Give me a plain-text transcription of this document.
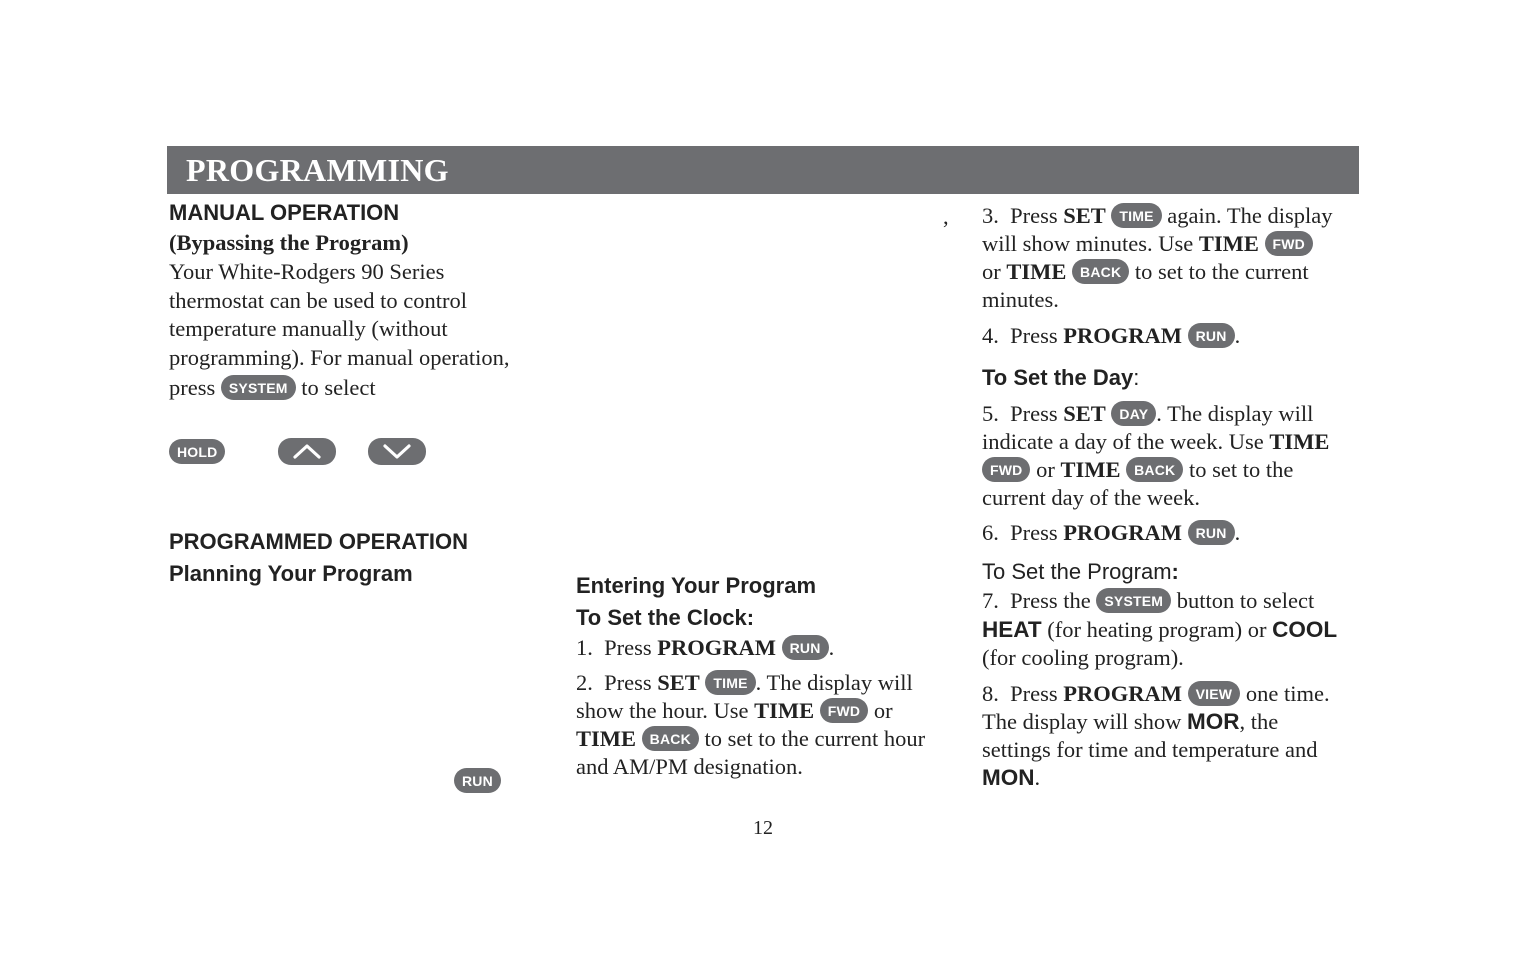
PROGRAMMING
MANUAL OPERATION
(Bypassing the Program)
Your White-Rodgers 90 Series
thermostat can be used to control
temperature manually (without
programming). For manual operation,
press SYSTEM to select
HOLD
PROGRAMMED OPERATION
Planning Your Program
RUN
,
Entering Your Program
To Set the Clock:
1. Press PROGRAM RUN .
2. Press SET TIME . The display will
show the hour. Use TIME FWD or
TIME BACK to set to the current hour
and AM/PM designation.
3. Press SET TIME again. The display
will show minutes. Use TIME FWD
or TIME BACK to set to the current
minutes.
4. Press PROGRAM RUN .
To Set the Day:
5. Press SET DAY . The display will
indicate a day of the week. Use TIME
FWD or TIME BACK to set to the
current day of the week.
6. Press PROGRAM RUN .
To Set the Program:
7. Press the SYSTEM button to select
HEAT (for heating program) or COOL
(for cooling program).
8. Press PROGRAM VIEW one time.
The display will show MOR, the
settings for time and temperature and
MON.
12
